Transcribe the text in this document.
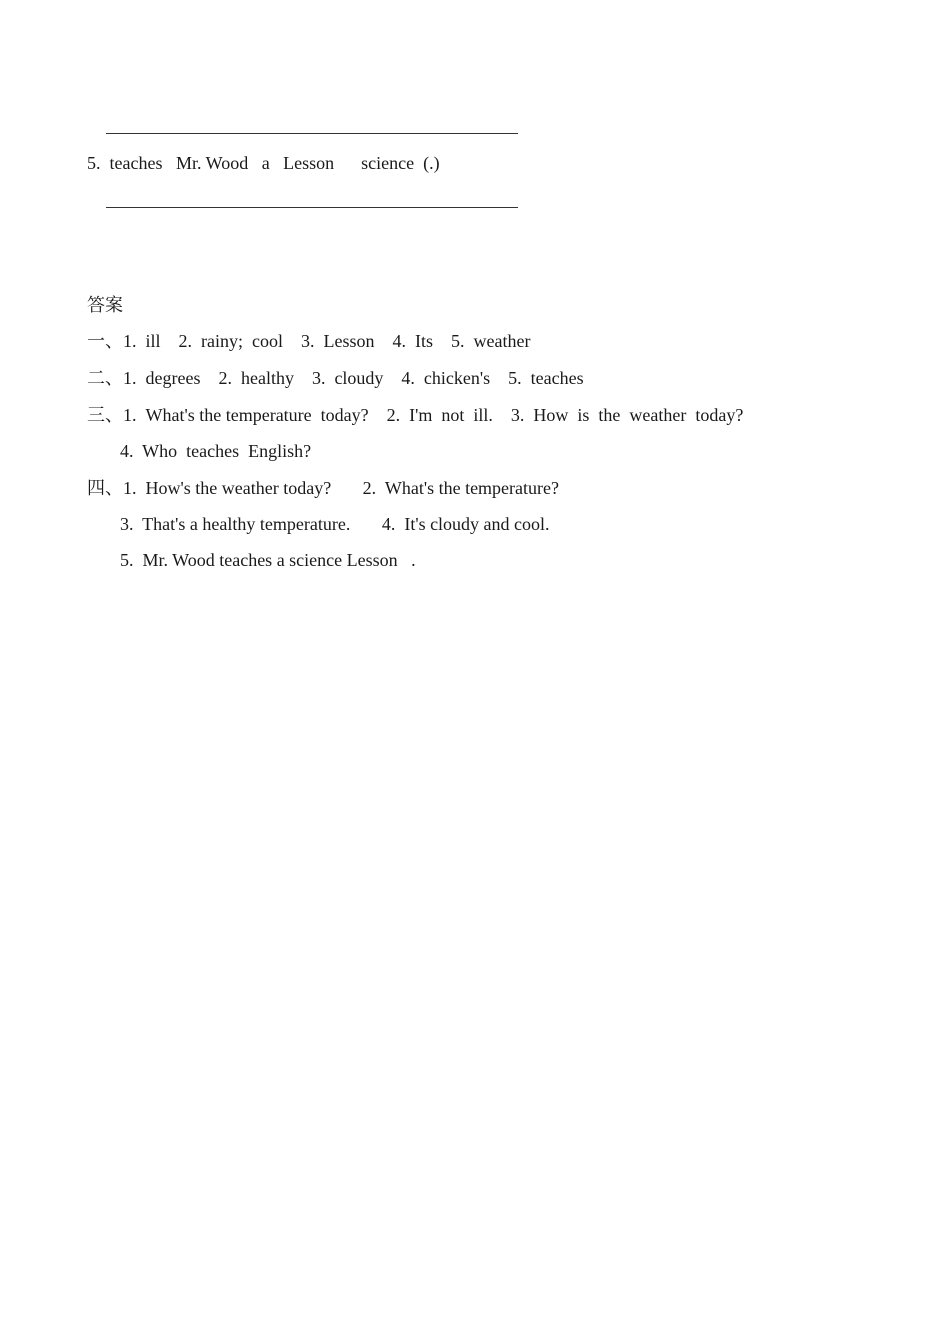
5.  teaches   Mr. Wood   a   Lesson      science  (.)
答案
一、1.  ill    2.  rainy;  cool    3.  Lesson    4.  Its    5.  weather
二、1.  degrees    2.  healthy    3.  cloudy    4.  chicken's    5.  teaches
三、1.  What's the temperature  today?    2.  I'm  not  ill.    3.  How  is  the  weather  today?
4.  Who  teaches  English?
四、1.  How's the weather today?       2.  What's the temperature?
3.  That's a healthy temperature.       4.  It's cloudy and cool.
5.  Mr. Wood teaches a science Lesson   .
